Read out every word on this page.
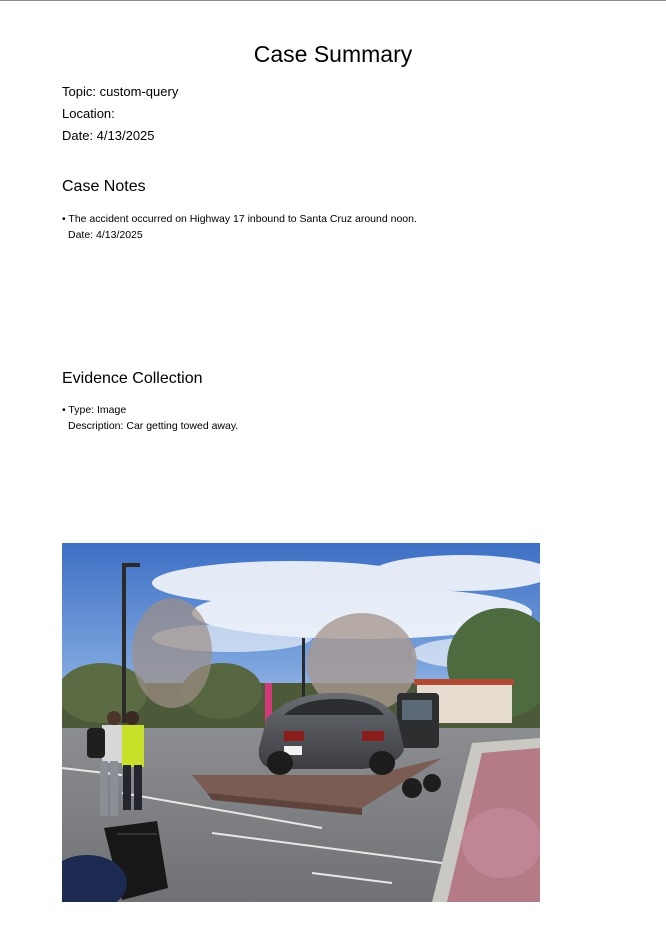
Case Summary
Topic: custom-query
Location:
Date: 4/13/2025
Case Notes
• The accident occurred on Highway 17 inbound to Santa Cruz around noon.
Date: 4/13/2025
Evidence Collection
• Type: Image
Description: Car getting towed away.
